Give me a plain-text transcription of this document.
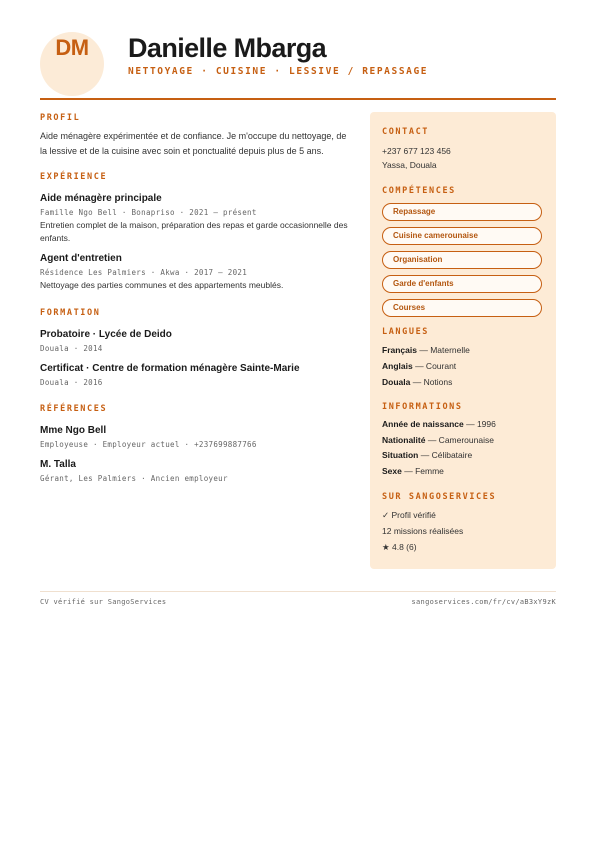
DM	Danielle Mbarga
NETTOYAGE · CUISINE · LESSIVE / REPASSAGE
PROFIL

Aide ménagère expérimentée et de confiance. Je m'occupe du nettoyage, de la lessive et de la cuisine avec soin et ponctualité depuis plus de 5 ans.

EXPÉRIENCE

Aide ménagère principale

Famille Ngo Bell · Bonapriso · 2021 – présent

Entretien complet de la maison, préparation des repas et garde occasionnelle des enfants.

Agent d'entretien

Résidence Les Palmiers · Akwa · 2017 – 2021

Nettoyage des parties communes et des appartements meublés.

FORMATION

Probatoire · Lycée de Deido

Douala · 2014

Certificat · Centre de formation ménagère Sainte-Marie

Douala · 2016

RÉFÉRENCES

Mme Ngo Bell

Employeuse · Employeur actuel · +237699887766

M. Talla

Gérant, Les Palmiers · Ancien employeur

CONTACT

+237 677 123 456

Yassa, Douala

COMPÉTENCES
Repassage
Cuisine camerounaise
Organisation
Garde d'enfants
Courses
LANGUES

Français — Maternelle

Anglais — Courant

Douala — Notions

INFORMATIONS

Année de naissance — 1996

Nationalité — Camerounaise

Situation — Célibataire

Sexe — Femme

SUR SANGOSERVICES

✓ Profil vérifié

12 missions réalisées

★ 4.8 (6)

CV vérifié sur SangoServices	sangoservices.com/fr/cv/aB3xY9zK
